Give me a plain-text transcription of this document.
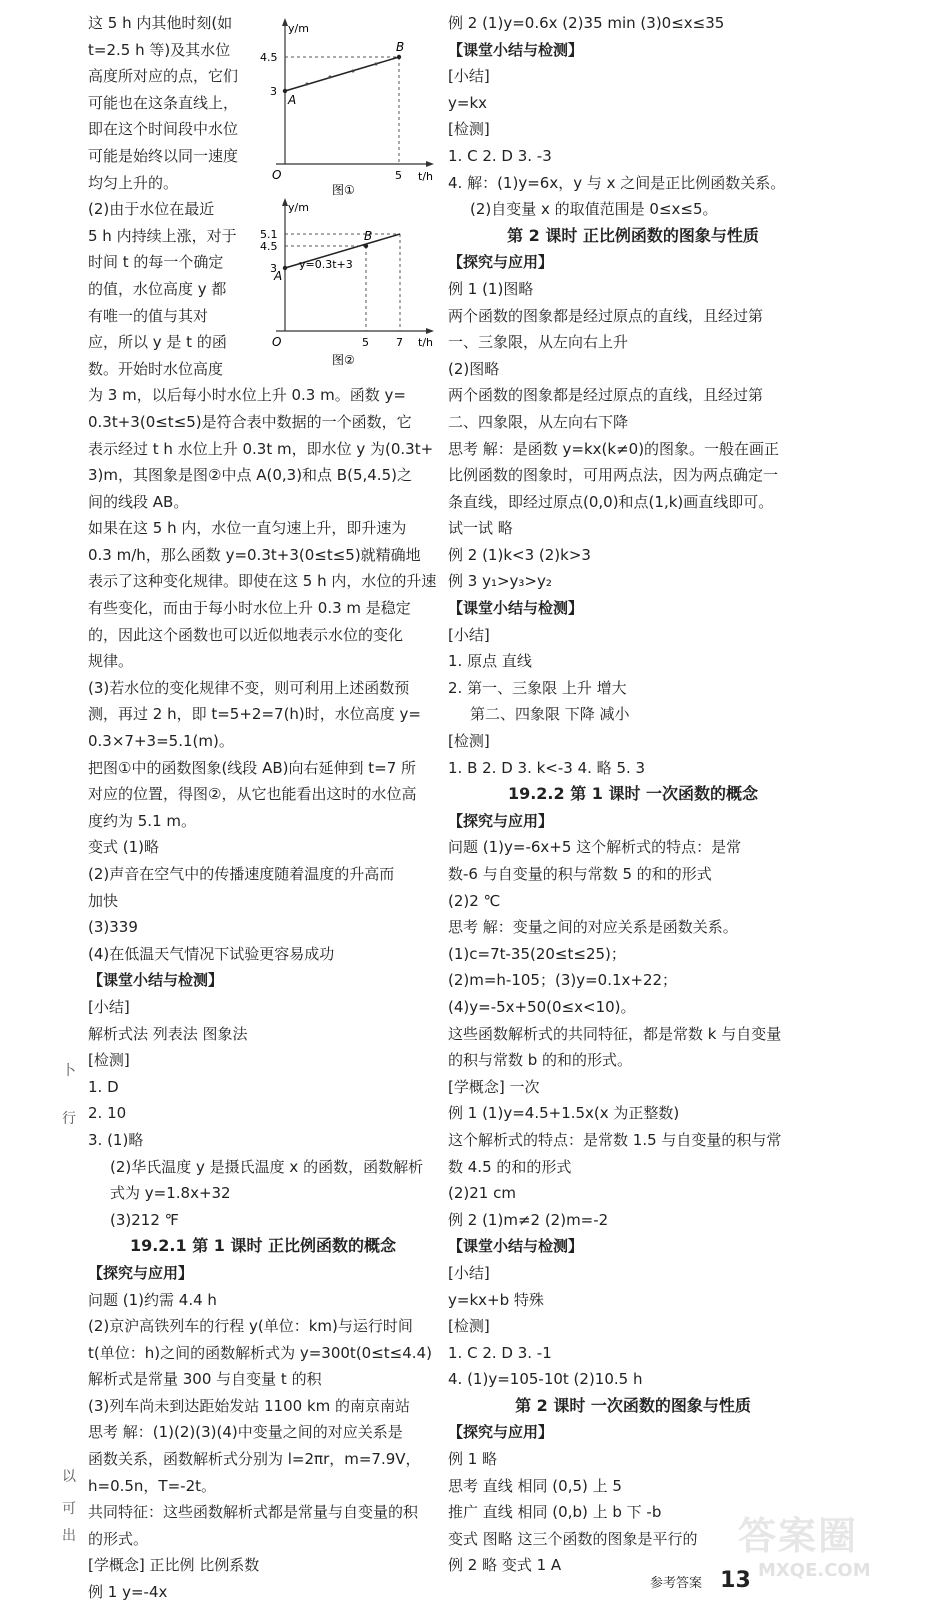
这 5 h 内其他时刻(如
t=2.5 h 等)及其水位
高度所对应的点，它们
可能也在这条直线上，
即在这个时间段中水位
可能是始终以同一速度
均匀上升的。
(2)由于水位在最近
5 h 内持续上涨，对于
时间 t 的每一个确定
的值，水位高度 y 都
有唯一的值与其对
应，所以 y 是 t 的函
数。开始时水位高度
为 3 m，以后每小时水位上升 0.3 m。函数 y=
0.3t+3(0≤t≤5)是符合表中数据的一个函数，它
表示经过 t h 水位上升 0.3t m，即水位 y 为(0.3t+
3)m，其图象是图②中点 A(0,3)和点 B(5,4.5)之
间的线段 AB。
如果在这 5 h 内，水位一直匀速上升，即升速为
0.3 m/h，那么函数 y=0.3t+3(0≤t≤5)就精确地
表示了这种变化规律。即使在这 5 h 内，水位的升速
有些变化，而由于每小时水位上升 0.3 m 是稳定
的，因此这个函数也可以近似地表示水位的变化
规律。
(3)若水位的变化规律不变，则可利用上述函数预
测，再过 2 h，即 t=5+2=7(h)时，水位高度 y=
0.3×7+3=5.1(m)。
把图①中的函数图象(线段 AB)向右延伸到 t=7 所
对应的位置，得图②，从它也能看出这时的水位高
度约为 5.1 m。
变式 (1)略
(2)声音在空气中的传播速度随着温度的升高而
加快
(3)339
(4)在低温天气情况下试验更容易成功
【课堂小结与检测】
[小结]
解析式法 列表法 图象法
[检测]
1. D
2. 10
3. (1)略
(2)华氏温度 y 是摄氏温度 x 的函数，函数解析
式为 y=1.8x+32
(3)212 ℉
19.2.1 第 1 课时 正比例函数的概念
【探究与应用】
问题 (1)约需 4.4 h
(2)京沪高铁列车的行程 y(单位：km)与运行时间
t(单位：h)之间的函数解析式为 y=300t(0≤t≤4.4)
解析式是常量 300 与自变量 t 的积
(3)列车尚未到达距始发站 1100 km 的南京南站
思考 解：(1)(2)(3)(4)中变量之间的对应关系是
函数关系，函数解析式分别为 l=2πr，m=7.9V，
h=0.5n，T=-2t。
共同特征：这些函数解析式都是常量与自变量的积
的形式。
[学概念] 正比例 比例系数
例 1 y=-4x
例 2 (1)y=0.6x (2)35 min (3)0≤x≤35
【课堂小结与检测】
[小结]
y=kx
[检测]
1. C 2. D 3. -3
4. 解：(1)y=6x，y 与 x 之间是正比例函数关系。
(2)自变量 x 的取值范围是 0≤x≤5。
第 2 课时 正比例函数的图象与性质
【探究与应用】
例 1 (1)图略
两个函数的图象都是经过原点的直线，且经过第
一、三象限，从左向右上升
(2)图略
两个函数的图象都是经过原点的直线，且经过第
二、四象限，从左向右下降
思考 解：是函数 y=kx(k≠0)的图象。一般在画正
比例函数的图象时，可用两点法，因为两点确定一
条直线，即经过原点(0,0)和点(1,k)画直线即可。
试一试 略
例 2 (1)k<3 (2)k>3
例 3 y₁>y₃>y₂
【课堂小结与检测】
[小结]
1. 原点 直线
2. 第一、三象限 上升 增大
第二、四象限 下降 减小
[检测]
1. B 2. D 3. k<-3 4. 略 5. 3
19.2.2 第 1 课时 一次函数的概念
【探究与应用】
问题 (1)y=-6x+5 这个解析式的特点：是常
数-6 与自变量的积与常数 5 的和的形式
(2)2 ℃
思考 解：变量之间的对应关系是函数关系。
(1)c=7t-35(20≤t≤25)；
(2)m=h-105；(3)y=0.1x+22；
(4)y=-5x+50(0≤x<10)。
这些函数解析式的共同特征，都是常数 k 与自变量
的积与常数 b 的和的形式。
[学概念] 一次
例 1 (1)y=4.5+1.5x(x 为正整数)
这个解析式的特点：是常数 1.5 与自变量的积与常
数 4.5 的和的形式
(2)21 cm
例 2 (1)m≠2 (2)m=-2
【课堂小结与检测】
[小结]
y=kx+b 特殊
[检测]
1. C 2. D 3. -1
4. (1)y=105-10t (2)10.5 h
第 2 课时 一次函数的图象与性质
【探究与应用】
例 1 略
思考 直线 相同 (0,5) 上 5
推广 直线 相同 (0,b) 上 b 下 -b
变式 图略 这三个函数的图象是平行的
例 2 略 变式 1 A
y/m
t/h
4.5
3
5
O
A
B
图①
y/m
t/h
5.1
4.5
3
5 7
O
A
B
y=0.3t+3
图②
卜
行
以
可
出	答案圈
MXQE.COM
参考答案 13
